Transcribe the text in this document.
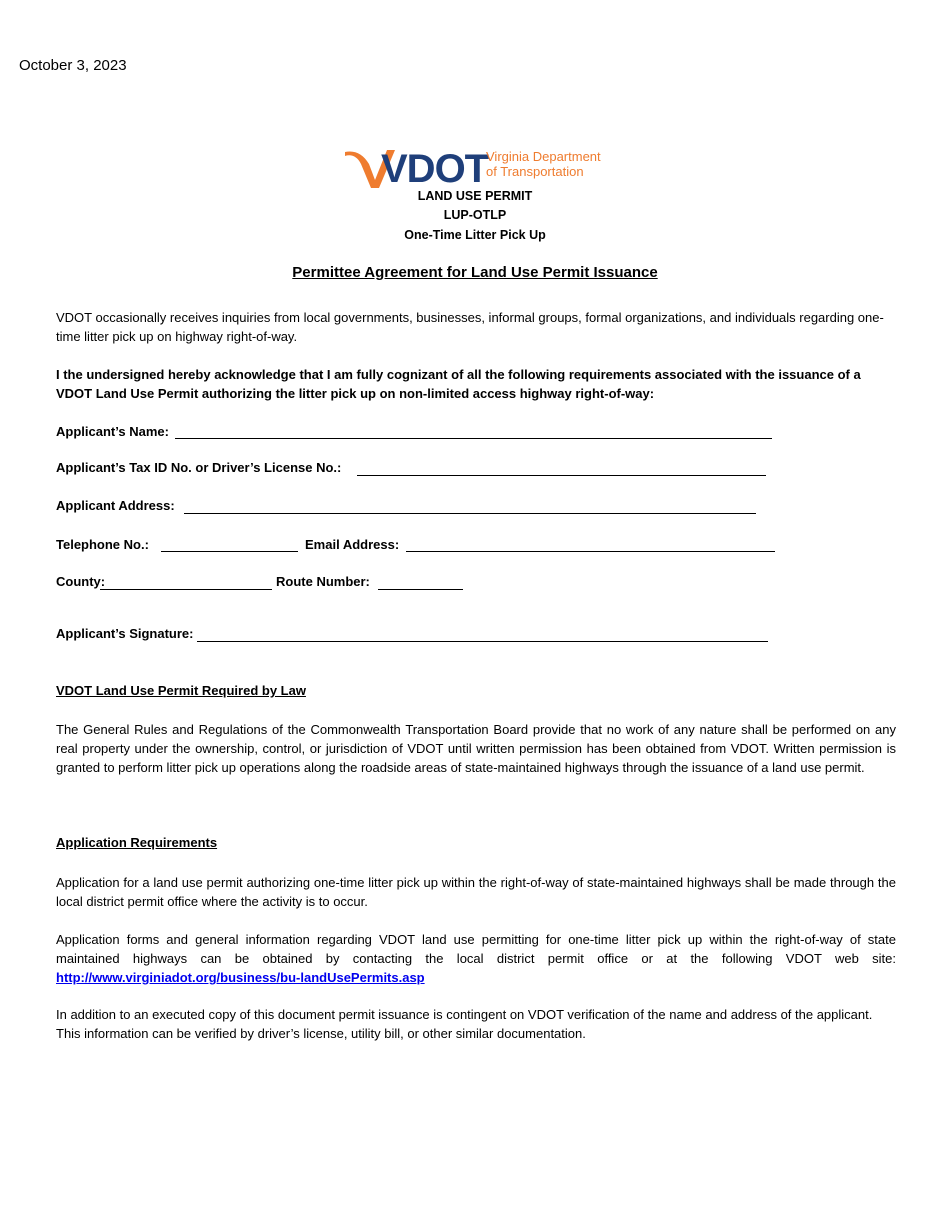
October 3, 2023
VDOT
Virginia Department
of Transportation
LAND USE PERMIT
LUP-OTLP
One-Time Litter Pick Up
Permittee Agreement for Land Use Permit Issuance
VDOT occasionally receives inquiries from local governments, businesses, informal groups, formal organizations, and individuals regarding one-time litter pick up on highway right-of-way.
I the undersigned hereby acknowledge that I am fully cognizant of all the following requirements associated with the issuance of a VDOT Land Use Permit authorizing the litter pick up on non-limited access highway right-of-way:
Applicant’s Name:
Applicant’s Tax ID No. or Driver’s License No.:
Applicant Address:
Telephone No.:	Email Address:
County:	Route Number:
Applicant’s Signature:
VDOT Land Use Permit Required by Law
The General Rules and Regulations of the Commonwealth Transportation Board provide that no work of any nature shall be performed on any real property under the ownership, control, or jurisdiction of VDOT until written permission has been obtained from VDOT. Written permission is granted to perform litter pick up operations along the roadside areas of state-maintained highways through the issuance of a land use permit.
Application Requirements
Application for a land use permit authorizing one-time litter pick up within the right-of-way of state-maintained highways shall be made through the local district permit office where the activity is to occur.
Application forms and general information regarding VDOT land use permitting for one-time litter pick up within the right-of-way of state maintained highways can be obtained by contacting the local district permit office or at the following VDOT web site: http://www.virginiadot.org/business/bu-landUsePermits.asp
In addition to an executed copy of this document permit issuance is contingent on VDOT verification of the name and address of the applicant. This information can be verified by driver’s license, utility bill, or other similar documentation.
